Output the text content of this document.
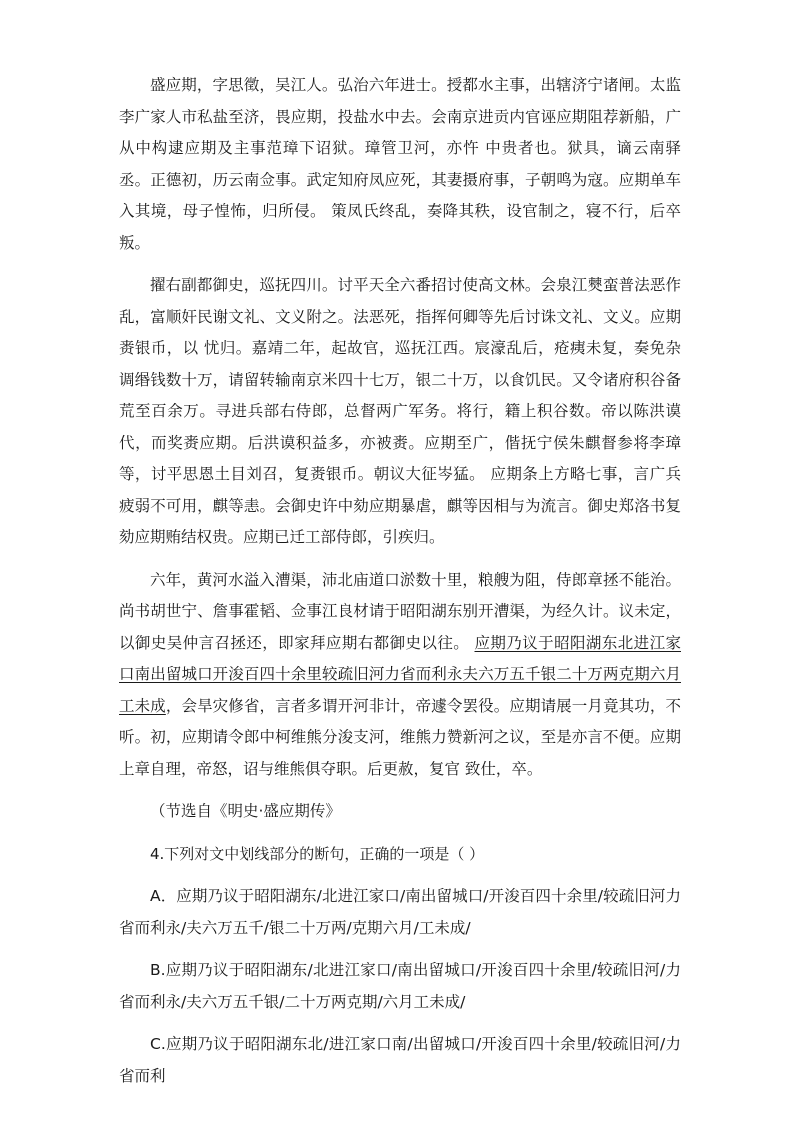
盛应期，字思徵，吴江人。弘治六年进士。授都水主事，出辖济宁诸闸。太监李广家人市私盐至济，畏应期，投盐水中去。会南京进贡内官诬应期阻荐新船，广从中构逮应期及主事范璋下诏狱。璋管卫河，亦忤 中贵者也。狱具，谪云南驿丞。正德初，历云南佥事。武定知府凤应死，其妻摄府事，子朝鸣为寇。应期单车入其境，母子惶怖，归所侵。 策凤氏终乱，奏降其秩，设官制之，寝不行，后卒叛。

擢右副都御史，巡抚四川。讨平天全六番招讨使高文林。会泉江僰蛮普法恶作乱，富顺奸民谢文礼、文义附之。法恶死，指挥何卿等先后讨诛文礼、文义。应期赉银币，以 忧归。嘉靖二年，起故官，巡抚江西。宸濠乱后，疮痍未复，奏免杂调缗钱数十万，请留转输南京米四十七万，银二十万，以食饥民。又令诸府积谷备荒至百余万。寻进兵部右侍郎，总督两广军务。将行，籍上积谷数。帝以陈洪谟代，而奖赉应期。后洪谟积益多，亦被赉。应期至广，偕抚宁侯朱麒督参将李璋等，讨平思恩土目刘召，复赉银币。朝议大征岑猛。 应期条上方略七事，言广兵疲弱不可用，麒等恚。会御史许中劾应期暴虐，麒等因相与为流言。御史郑洛书复劾应期贿结权贵。应期已迁工部侍郎，引疾归。

六年，黄河水溢入漕渠，沛北庙道口淤数十里，粮艘为阻，侍郎章拯不能治。尚书胡世宁、詹事霍韬、佥事江良材请于昭阳湖东别开漕渠，为经久计。议未定，以御史吴仲言召拯还，即家拜应期右都御史以往。 应期乃议于昭阳湖东北进江家口南出留城口开浚百四十余里较疏旧河力省而利永夫六万五千银二十万两克期六月工未成，会旱灾修省，言者多谓开河非计，帝遽令罢役。应期请展一月竟其功，不听。初，应期请令郎中柯维熊分浚支河，维熊力赞新河之议，至是亦言不便。应期上章自理，帝怒，诏与维熊俱夺职。后更赦，复官 致仕，卒。

（节选自《明史·盛应期传》

4.下列对文中划线部分的断句，正确的一项是（ ）

A．应期乃议于昭阳湖东/北进江家口/南出留城口/开浚百四十余里/较疏旧河力省而利永/夫六万五千/银二十万两/克期六月/工未成/

B.应期乃议于昭阳湖东/北进江家口/南出留城口/开浚百四十余里/较疏旧河/力省而利永/夫六万五千银/二十万两克期/六月工未成/

C.应期乃议于昭阳湖东北/进江家口南/出留城口/开浚百四十余里/较疏旧河/力省而利
